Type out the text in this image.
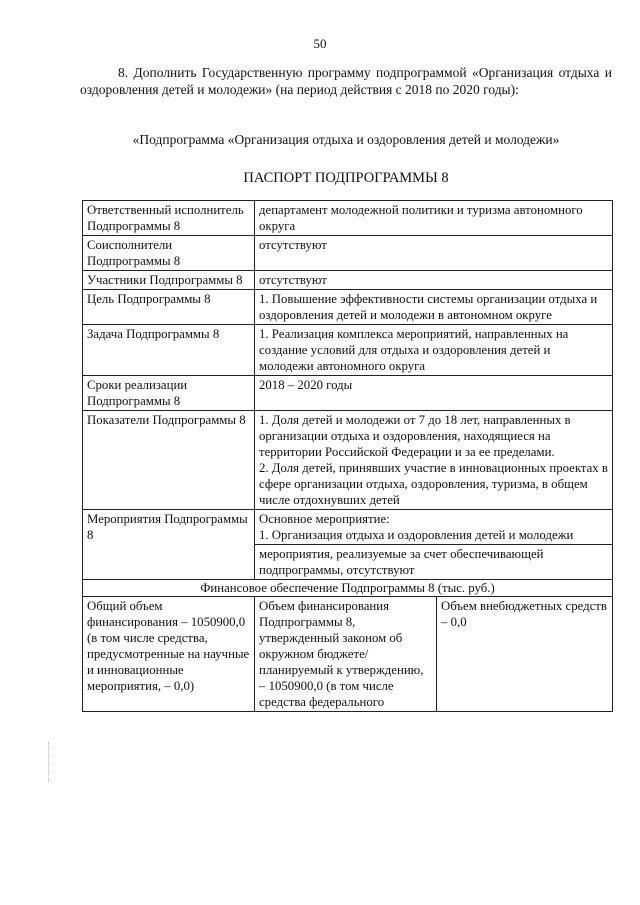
50

8. Дополнить Государственную программу подпрограммой «Организация отдыха и оздоровления детей и молодежи» (на период действия с 2018 по 2020 годы):

«Подпрограмма «Организация отдыха и оздоровления детей и молодежи»

ПАСПОРТ ПОДПРОГРАММЫ 8

Ответственный исполнитель Подпрограммы 8	департамент молодежной политики и туризма автономного округа	
Соисполнители Подпрограммы 8	отсутствуют	
Участники Подпрограммы 8	отсутствуют	
Цель Подпрограммы 8	1. Повышение эффективности системы организации отдыха и оздоровления детей и молодежи в автономном округе	
Задача Подпрограммы 8	1. Реализация комплекса мероприятий, направленных на создание условий для отдыха и оздоровления детей и молодежи автономного округа	
Сроки реализации Подпрограммы 8	2018 – 2020 годы	
Показатели Подпрограммы 8	1. Доля детей и молодежи от 7 до 18 лет, направленных в организации отдыха и оздоровления, находящиеся на территории Российской Федерации и за ее пределами.
2. Доля детей, принявших участие в инновационных проектах в сфере организации отдыха, оздоровления, туризма, в общем числе отдохнувших детей	

Мероприятия Подпрограммы 8	Основное мероприятие:
1. Организация отдыха и оздоровления детей и молодежи	

	мероприятия, реализуемые за счет обеспечивающей подпрограммы, отсутствуют	
Финансовое обеспечение Подпрограммы 8 (тыс. руб.)		
Общий объем финансирования – 1050900,0 (в том числе средства, предусмотренные на научные и инновационные мероприятия, – 0,0)	Объем финансирования Подпрограммы 8, утвержденный законом об окружном бюджете/ планируемый к утверждению, – 1050900,0 (в том числе средства федерального	Объем внебюджетных средств – 0,0
